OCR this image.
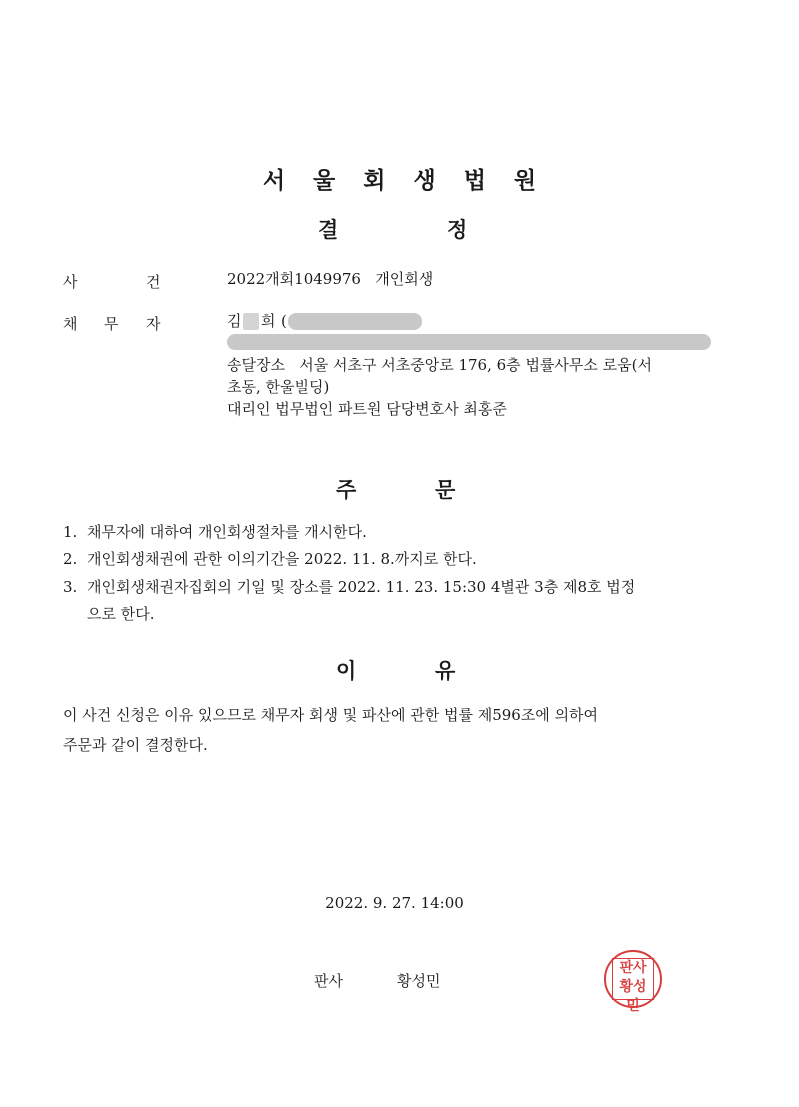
서울회생법원
결	정
사	건	2022개회1049976   개인회생
채 무 자	김 희 (
송달장소   서울 서초구 서초중앙로 176, 6층 법률사무소 로움(서
초동, 한울빌딩)
대리인 법무법인 파트원 담당변호사 최홍준
주	문
1. 채무자에 대하여 개인회생절차를 개시한다.
2. 개인회생채권에 관한 이의기간을 2022. 11. 8.까지로 한다.
3. 개인회생채권자집회의 기일 및 장소를 2022. 11. 23. 15:30 4별관 3층 제8호 법정
으로 한다.
이	유
이 사건 신청은 이유 있으므로 채무자 회생 및 파산에 관한 법률 제596조에 의하여
주문과 같이 결정한다.
2022. 9. 27. 14:00
판사	황성민
판사황성민
